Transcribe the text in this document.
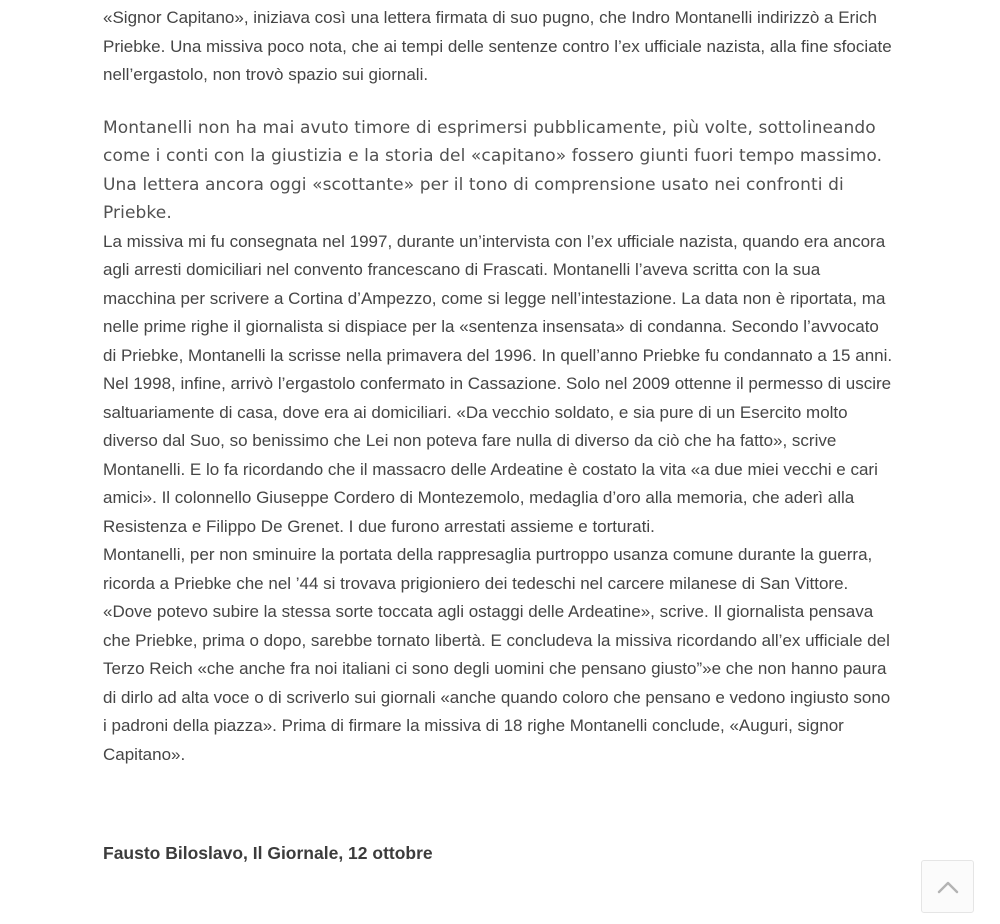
«Signor Capitano», iniziava così una lettera firmata di suo pugno, che Indro Montanelli indirizzò a Erich Priebke. Una missiva poco nota, che ai tempi delle sentenze contro l’ex ufficiale nazista, alla fine sfociate nell’ergastolo, non trovò spazio sui giornali.

Montanelli non ha mai avuto timore di esprimersi pubblicamente, più volte, sottolineando come i conti con la giustizia e la storia del «capitano» fossero giunti fuori tempo massimo. Una lettera ancora oggi «scottante» per il tono di comprensione usato nei confronti di Priebke.

La missiva mi fu consegnata nel 1997, durante un’intervista con l’ex ufficiale nazista, quando era ancora agli arresti domiciliari nel convento francescano di Frascati. Montanelli l’aveva scritta con la sua macchina per scrivere a Cortina d’Ampezzo, come si legge nell’intestazione. La data non è riportata, ma nelle prime righe il giornalista si dispiace per la «sentenza insensata» di condanna. Secondo l’avvocato di Priebke, Montanelli la scrisse nella primavera del 1996. In quell’anno Priebke fu condannato a 15 anni. Nel 1998, infine, arrivò l’ergastolo confermato in Cassazione. Solo nel 2009 ottenne il permesso di uscire saltuariamente di casa, dove era ai domiciliari. «Da vecchio soldato, e sia pure di un Esercito molto diverso dal Suo, so benissimo che Lei non poteva fare nulla di diverso da ciò che ha fatto», scrive Montanelli. E lo fa ricordando che il massacro delle Ardeatine è costato la vita «a due miei vecchi e cari amici». Il colonnello Giuseppe Cordero di Montezemolo, medaglia d’oro alla memoria, che aderì alla Resistenza e Filippo De Grenet. I due furono arrestati assieme e torturati.

Montanelli, per non sminuire la portata della rappresaglia purtroppo usanza comune durante la guerra, ricorda a Priebke che nel ’44 si trovava prigioniero dei tedeschi nel carcere milanese di San Vittore. «Dove potevo subire la stessa sorte toccata agli ostaggi delle Ardeatine», scrive. Il giornalista pensava che Priebke, prima o dopo, sarebbe tornato libertà. E concludeva la missiva ricordando all’ex ufficiale del Terzo Reich «che anche fra noi italiani ci sono degli uomini che pensano giusto”»e che non hanno paura di dirlo ad alta voce o di scriverlo sui giornali «anche quando coloro che pensano e vedono ingiusto sono i padroni della piazza». Prima di firmare la missiva di 18 righe Montanelli conclude, «Auguri, signor Capitano».

Fausto Biloslavo, Il Giornale, 12 ottobre
